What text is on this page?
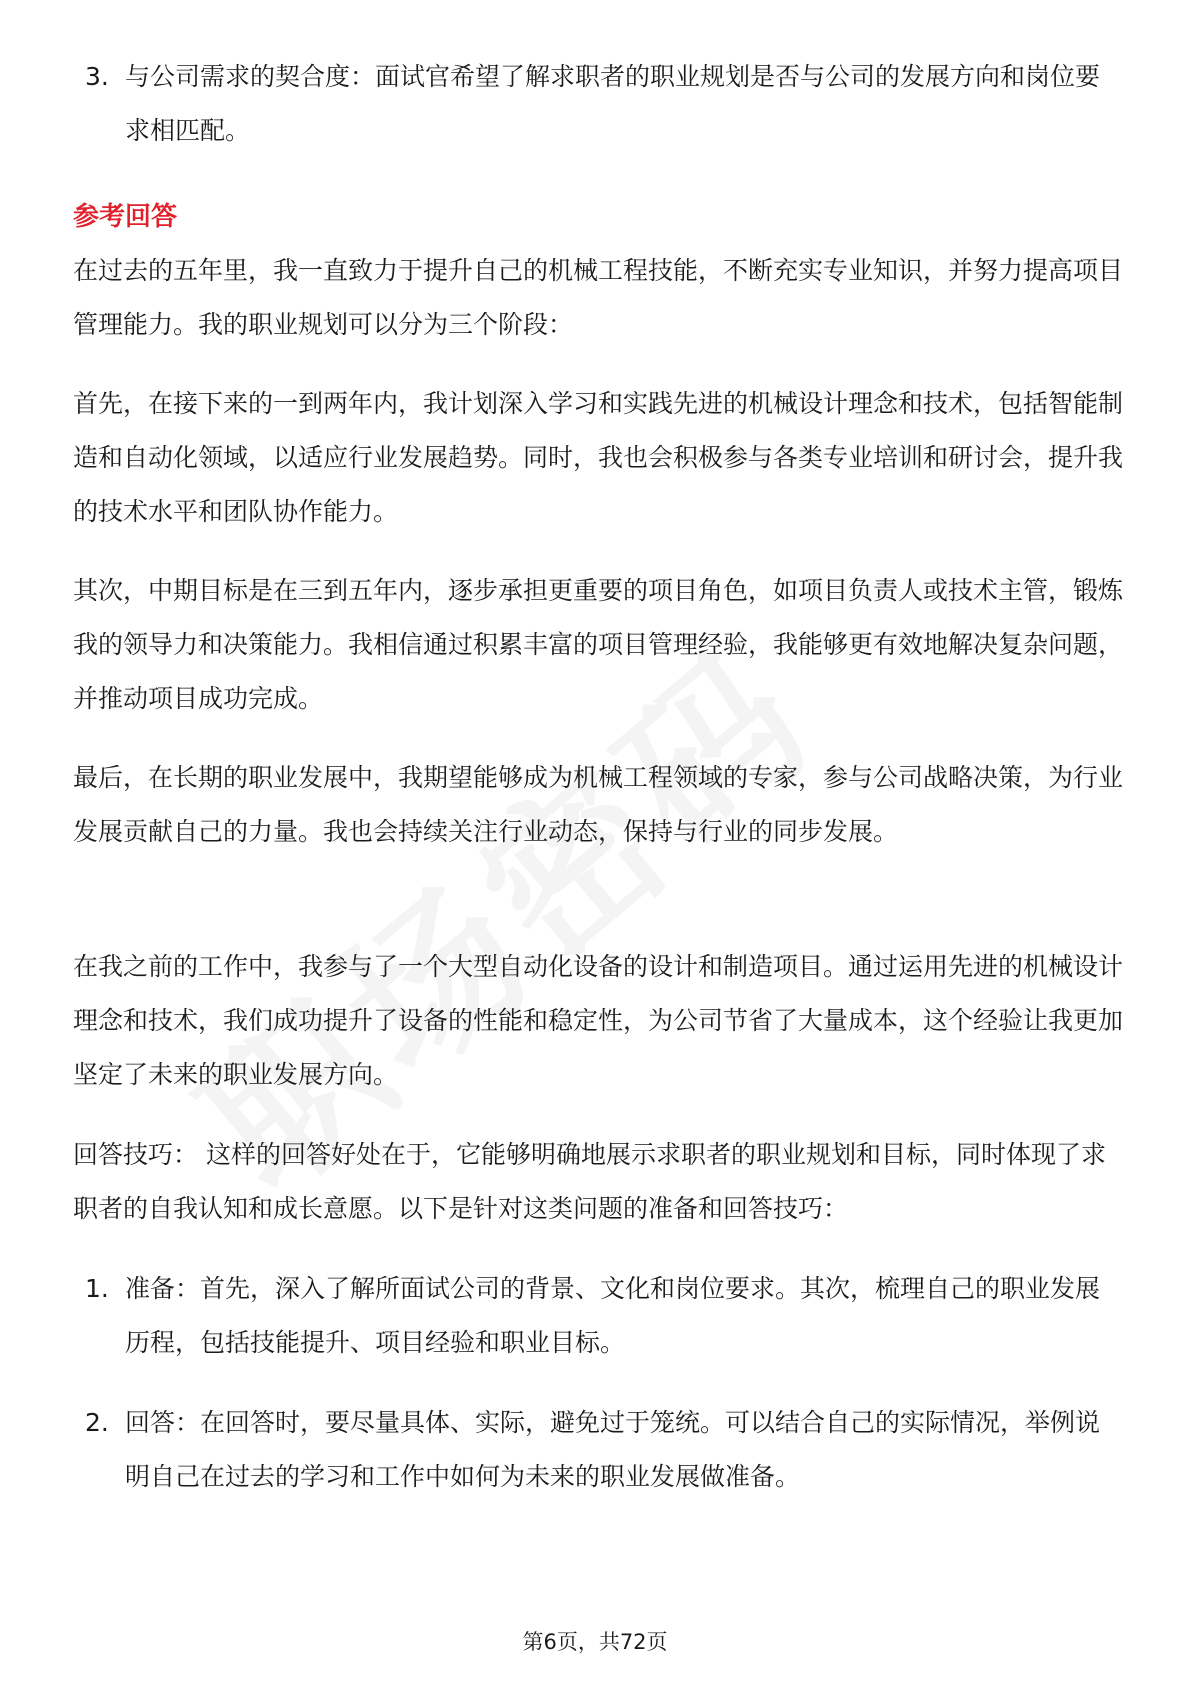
3. 与公司需求的契合度：面试官希望了解求职者的职业规划是否与公司的发展方向和岗位要求相匹配。
参考回答

在过去的五年里，我一直致力于提升自己的机械工程技能，不断充实专业知识，并努力提高项目管理能力。我的职业规划可以分为三个阶段：

首先，在接下来的一到两年内，我计划深入学习和实践先进的机械设计理念和技术，包括智能制造和自动化领域，以适应行业发展趋势。同时，我也会积极参与各类专业培训和研讨会，提升我的技术水平和团队协作能力。

其次，中期目标是在三到五年内，逐步承担更重要的项目角色，如项目负责人或技术主管，锻炼我的领导力和决策能力。我相信通过积累丰富的项目管理经验，我能够更有效地解决复杂问题，并推动项目成功完成。

最后，在长期的职业发展中，我期望能够成为机械工程领域的专家，参与公司战略决策，为行业发展贡献自己的力量。我也会持续关注行业动态，保持与行业的同步发展。

在我之前的工作中，我参与了一个大型自动化设备的设计和制造项目。通过运用先进的机械设计理念和技术，我们成功提升了设备的性能和稳定性，为公司节省了大量成本，这个经验让我更加坚定了未来的职业发展方向。

回答技巧： 这样的回答好处在于，它能够明确地展示求职者的职业规划和目标，同时体现了求职者的自我认知和成长意愿。以下是针对这类问题的准备和回答技巧：

1. 准备：首先，深入了解所面试公司的背景、文化和岗位要求。其次，梳理自己的职业发展历程，包括技能提升、项目经验和职业目标。
2. 回答：在回答时，要尽量具体、实际，避免过于笼统。可以结合自己的实际情况，举例说明自己在过去的学习和工作中如何为未来的职业发展做准备。
第6页，共72页
